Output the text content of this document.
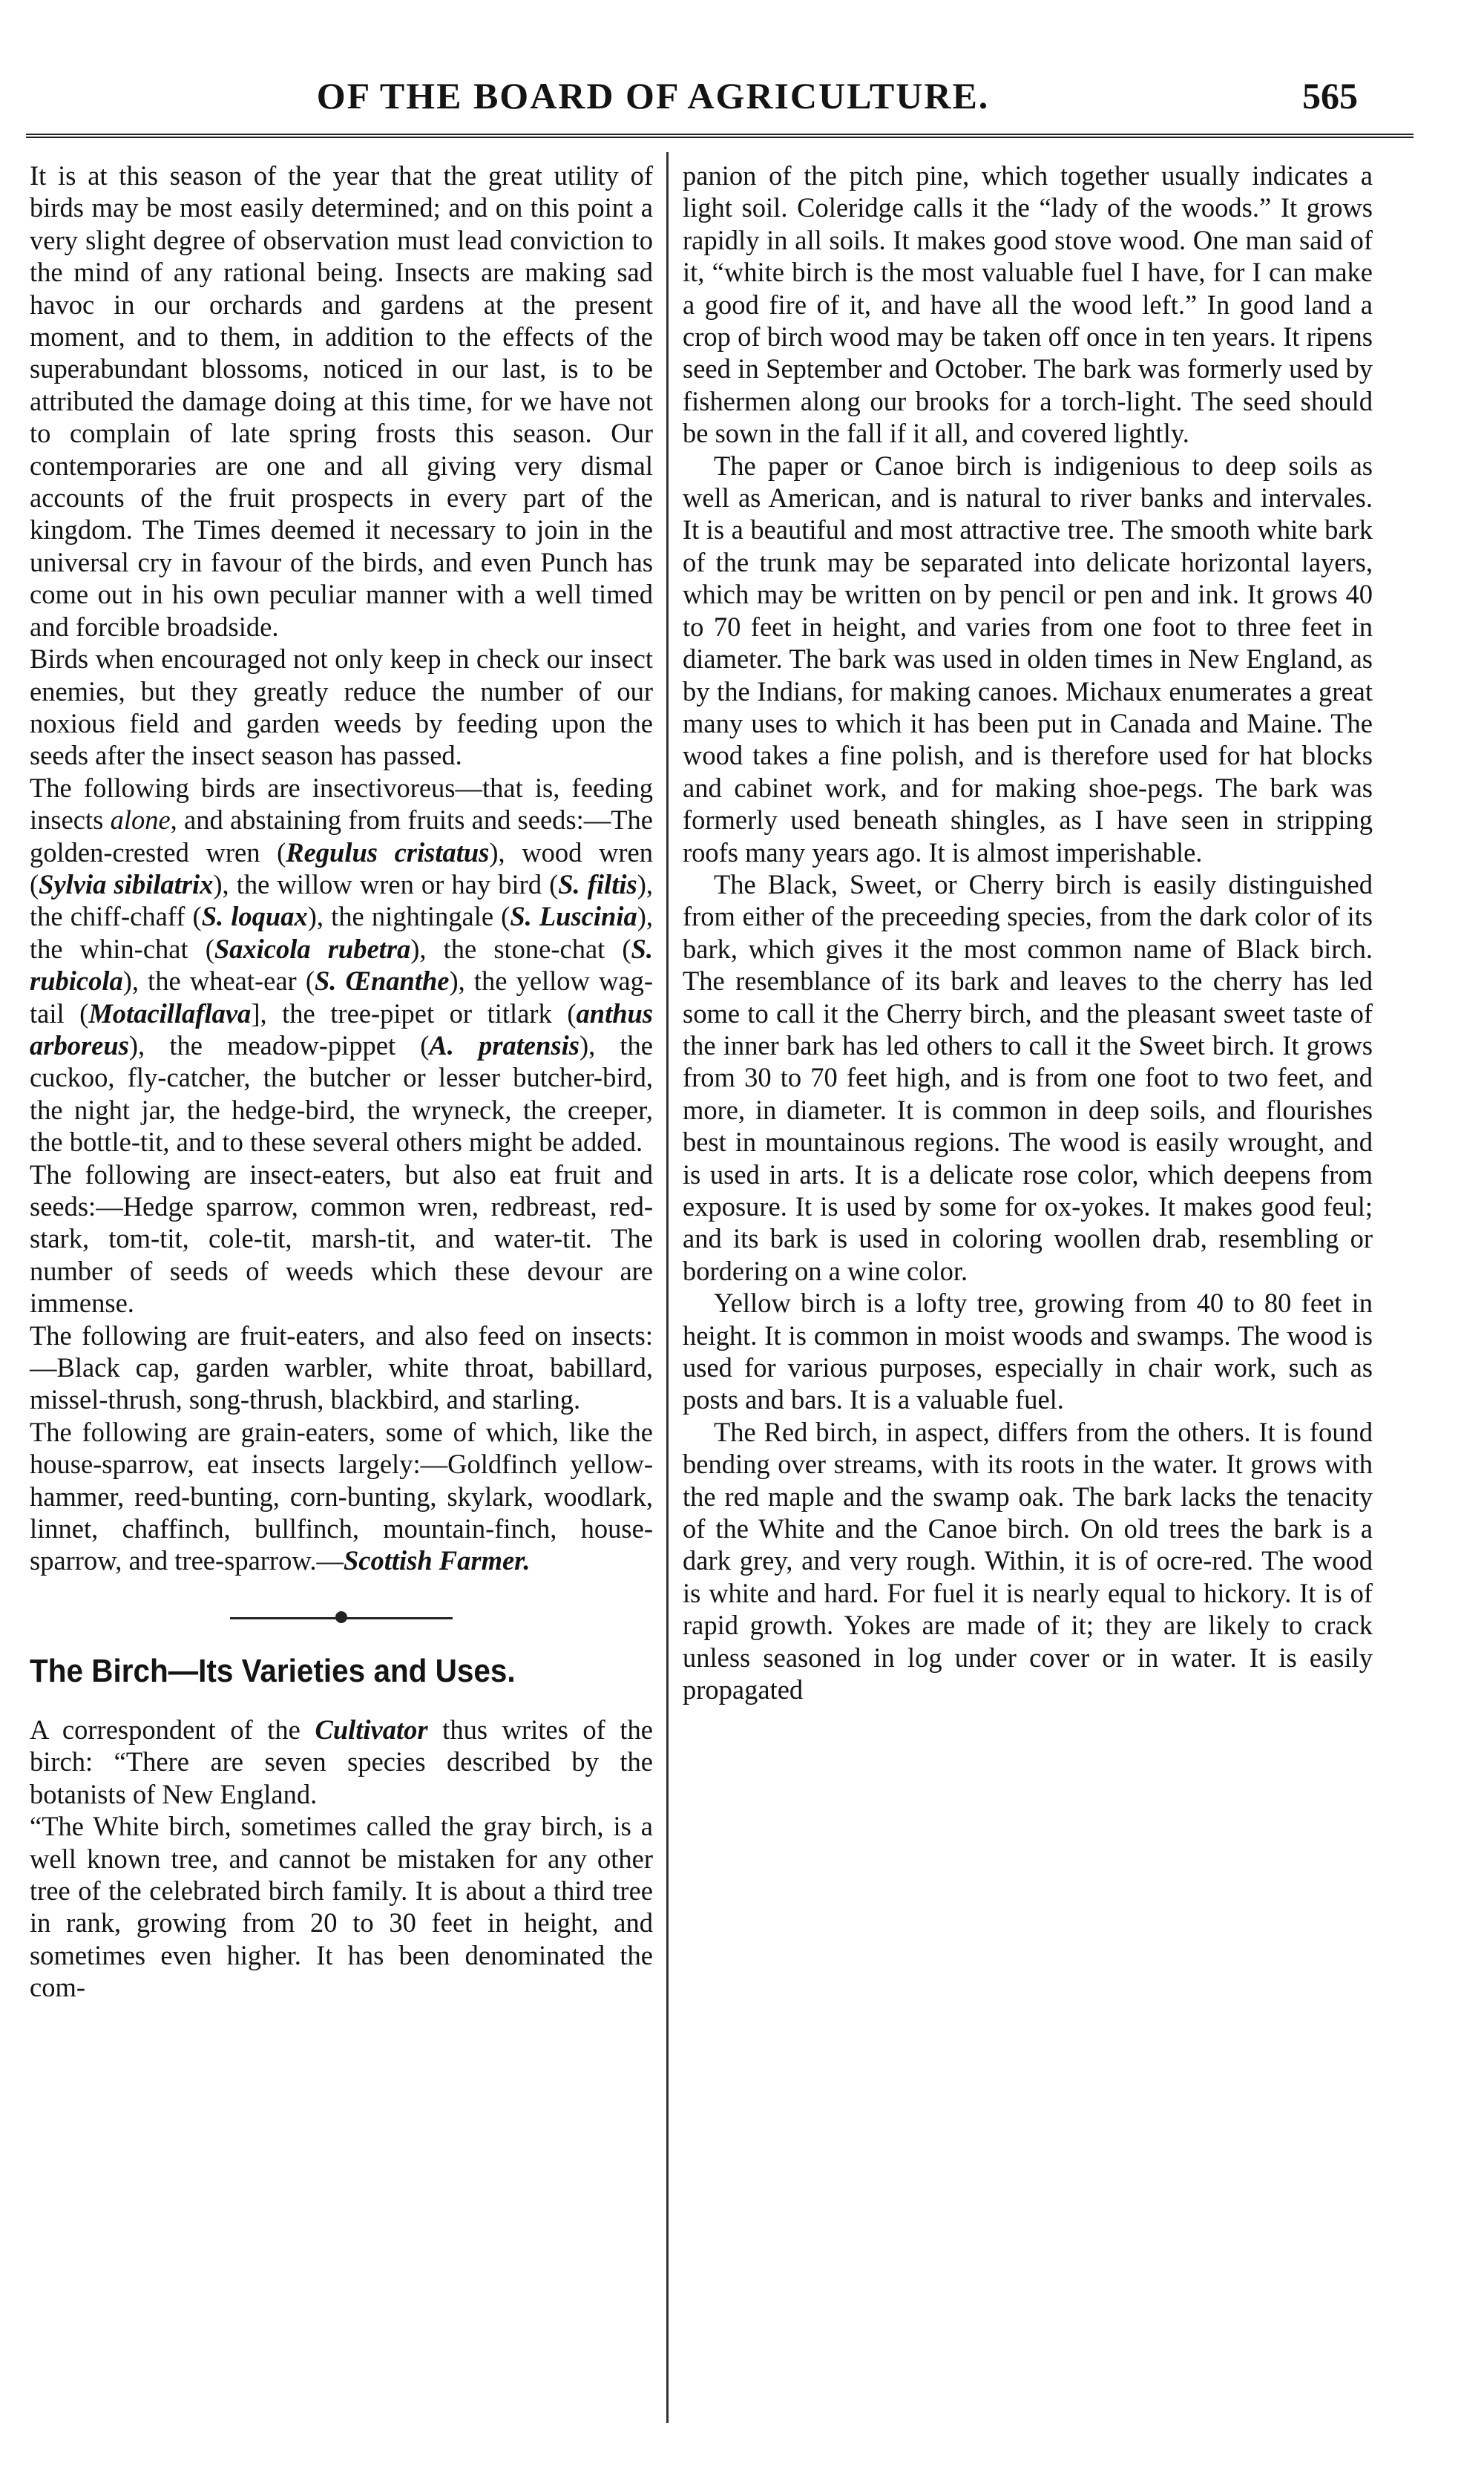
OF THE BOARD OF AGRICULTURE.	565

It is at this season of the year that the great utility of birds may be most easily determined; and on this point a very slight degree of observation must lead conviction to the mind of any rational being. Insects are making sad havoc in our orchards and gardens at the present moment, and to them, in addition to the effects of the superabundant blossoms, noticed in our last, is to be attributed the damage doing at this time, for we have not to complain of late spring frosts this season. Our contemporaries are one and all giving very dismal accounts of the fruit prospects in every part of the kingdom. The Times deemed it necessary to join in the universal cry in favour of the birds, and even Punch has come out in his own peculiar manner with a well timed and forcible broadside.

Birds when encouraged not only keep in check our insect enemies, but they greatly reduce the number of our noxious field and garden weeds by feeding upon the seeds after the insect season has passed.

The following birds are insectivoreus—that is, feeding insects alone, and abstaining from fruits and seeds:—The golden-crested wren (Regulus cristatus), wood wren (Sylvia sibilatrix), the willow wren or hay bird (S. filtis), the chiff-chaff (S. loquax), the nightingale (S. Luscinia), the whin-chat (Saxicola rubetra), the stone-chat (S. rubicola), the wheat-ear (S. Œnanthe), the yellow wag-tail (Motacillaflava], the tree-pipet or titlark (anthus arboreus), the meadow-pippet (A. pratensis), the cuckoo, fly-catcher, the butcher or lesser butcher-bird, the night jar, the hedge-bird, the wryneck, the creeper, the bottle-tit, and to these several others might be added.

The following are insect-eaters, but also eat fruit and seeds:—Hedge sparrow, common wren, redbreast, red-stark, tom-tit, cole-tit, marsh-tit, and water-tit. The number of seeds of weeds which these devour are immense.

The following are fruit-eaters, and also feed on insects:—Black cap, garden warbler, white throat, babillard, missel-thrush, song-thrush, blackbird, and starling.

The following are grain-eaters, some of which, like the house-sparrow, eat insects largely:—Goldfinch yellow-hammer, reed-bunting, corn-bunting, skylark, woodlark, linnet, chaffinch, bullfinch, mountain-finch, house-sparrow, and tree-sparrow.—Scottish Farmer.

The Birch—Its Varieties and Uses.

A correspondent of the Cultivator thus writes of the birch: “There are seven species described by the botanists of New England.

“The White birch, sometimes called the gray birch, is a well known tree, and cannot be mistaken for any other tree of the celebrated birch family. It is about a third tree in rank, growing from 20 to 30 feet in height, and sometimes even higher. It has been denominated the com-

panion of the pitch pine, which together usually indicates a light soil. Coleridge calls it the “lady of the woods.” It grows rapidly in all soils. It makes good stove wood. One man said of it, “white birch is the most valuable fuel I have, for I can make a good fire of it, and have all the wood left.” In good land a crop of birch wood may be taken off once in ten years. It ripens seed in September and October. The bark was formerly used by fishermen along our brooks for a torch-light. The seed should be sown in the fall if it all, and covered lightly.

The paper or Canoe birch is indigenious to deep soils as well as American, and is natural to river banks and intervales. It is a beautiful and most attractive tree. The smooth white bark of the trunk may be separated into delicate horizontal layers, which may be written on by pencil or pen and ink. It grows 40 to 70 feet in height, and varies from one foot to three feet in diameter. The bark was used in olden times in New England, as by the Indians, for making canoes. Michaux enumerates a great many uses to which it has been put in Canada and Maine. The wood takes a fine polish, and is therefore used for hat blocks and cabinet work, and for making shoe-pegs. The bark was formerly used beneath shingles, as I have seen in stripping roofs many years ago. It is almost imperishable.

The Black, Sweet, or Cherry birch is easily distinguished from either of the preceeding species, from the dark color of its bark, which gives it the most common name of Black birch. The resemblance of its bark and leaves to the cherry has led some to call it the Cherry birch, and the pleasant sweet taste of the inner bark has led others to call it the Sweet birch. It grows from 30 to 70 feet high, and is from one foot to two feet, and more, in diameter. It is common in deep soils, and flourishes best in mountainous regions. The wood is easily wrought, and is used in arts. It is a delicate rose color, which deepens from exposure. It is used by some for ox-yokes. It makes good feul; and its bark is used in coloring woollen drab, resembling or bordering on a wine color.

Yellow birch is a lofty tree, growing from 40 to 80 feet in height. It is common in moist woods and swamps. The wood is used for various purposes, especially in chair work, such as posts and bars. It is a valuable fuel.

The Red birch, in aspect, differs from the others. It is found bending over streams, with its roots in the water. It grows with the red maple and the swamp oak. The bark lacks the tenacity of the White and the Canoe birch. On old trees the bark is a dark grey, and very rough. Within, it is of ocre-red. The wood is white and hard. For fuel it is nearly equal to hickory. It is of rapid growth. Yokes are made of it; they are likely to crack unless seasoned in log under cover or in water. It is easily propagated
